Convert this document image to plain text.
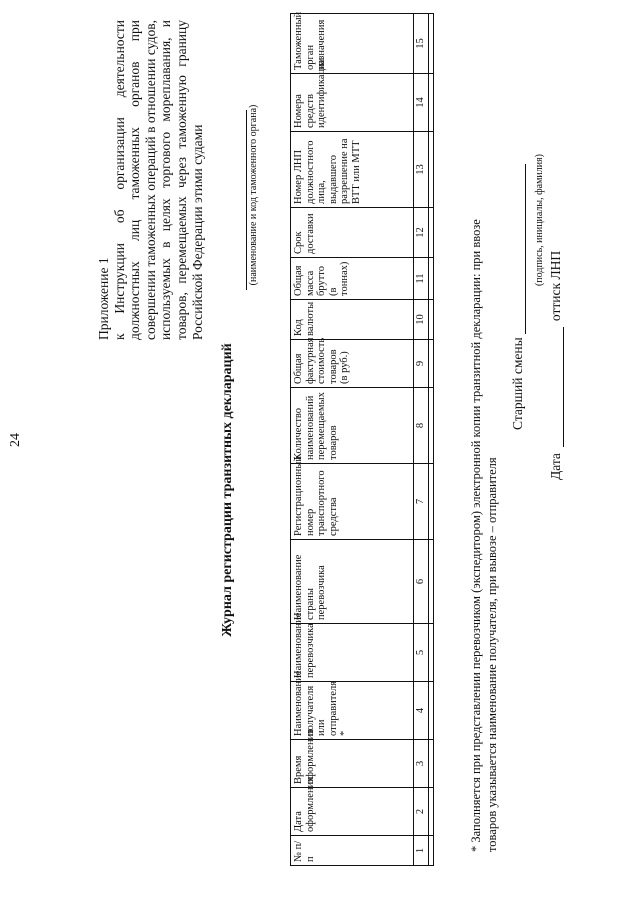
24
Приложение 1 к Инструкции об организации деятельности должностных лиц таможенных органов при совершении таможенных операций в отношении судов, используемых в целях торгового мореплавания, и товаров, перемещаемых через таможенную границу Российской Федерации этими судами
Журнал регистрации транзитных деклараций
(наименование и код таможенного органа)
№ п/п	Дата оформления	Время оформления	Наименование получателя или отправителя *	Наименование перевозчика	Наименование страны перевозчика	Регистрационный номер транспортного средства	Количество наименований перемещаемых товаров	Общая фактурная стоимость товаров (в руб.)	Код валюты	Общая масса брутто (в тоннах)	Срок доставки	Номер ЛНП должностного лица, выдавшего разрешение на ВТТ или МТТ	Номера средств идентификации	Таможенный орган назначения
1	2	3	4	5	6	7	8	9	10	11	12	13	14	15

* Заполняется при представлении перевозчиком (экспедитором) электронной копии транзитной декларации: при ввозе товаров указывается наименование получателя, при вывозе – отправителя
Старший смены
(подпись, инициалы, фамилия)
Датаоттиск ЛНП
